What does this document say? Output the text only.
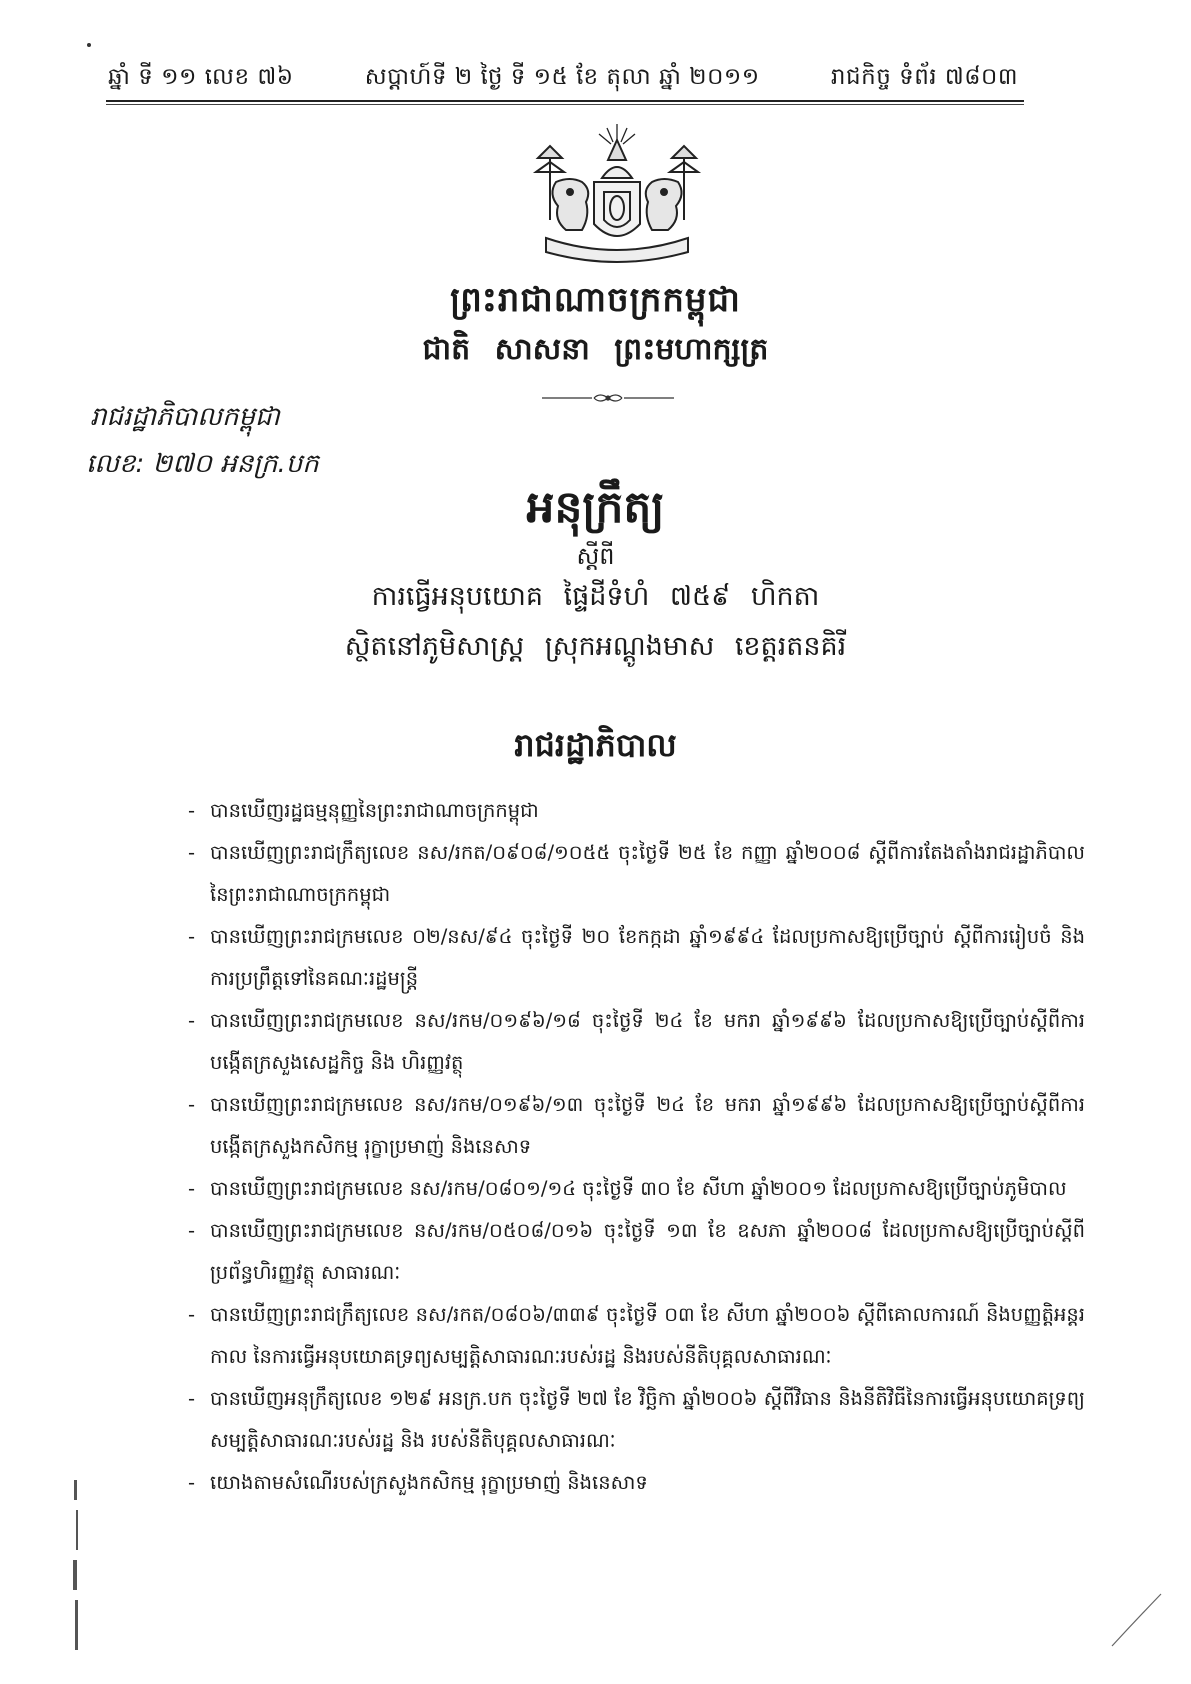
ឆ្នាំ ទី ១១ លេខ ៧៦	សប្តាហ៍ទី ២ ថ្ងៃ ទី ១៥ ខែ តុលា ឆ្នាំ ២០១១	រាជកិច្ច ទំព័រ ៧៨០៣
ព្រះរាជាណាចក្រកម្ពុជា
ជាតិ សាសនា ព្រះមហាក្សត្រ
រាជរដ្ឋាភិបាលកម្ពុជា
លេខ: ២៧០ អនក្រ.បក
អនុក្រឹត្យ
ស្តីពី
ការធ្វើអនុបយោគ ផ្ទៃដីទំហំ ៧៥៩ ហិកតា
ស្ថិតនៅភូមិសាស្ត្រ ស្រុកអណ្តូងមាស ខេត្តរតនគិរី
រាជរដ្ឋាភិបាល
- បានឃើញរដ្ឋធម្មនុញ្ញនៃព្រះរាជាណាចក្រកម្ពុជា
- បានឃើញព្រះរាជក្រឹត្យលេខ នស/រកត/០៩០៨/១០៥៥ ចុះថ្ងៃទី ២៥ ខែ កញ្ញា ឆ្នាំ២០០៨ ស្តីពីការតែងតាំងរាជរដ្ឋាភិបាល នៃព្រះរាជាណាចក្រកម្ពុជា
- បានឃើញព្រះរាជក្រមលេខ ០២/នស/៩៤ ចុះថ្ងៃទី ២០ ខែកក្កដា ឆ្នាំ១៩៩៤ ដែលប្រកាសឱ្យប្រើច្បាប់ ស្តីពីការរៀបចំ និង ការប្រព្រឹត្តទៅនៃគណៈរដ្ឋមន្ត្រី
- បានឃើញព្រះរាជក្រមលេខ នស/រកម/០១៩៦/១៨ ចុះថ្ងៃទី ២៤ ខែ មករា ឆ្នាំ១៩៩៦ ដែលប្រកាសឱ្យប្រើច្បាប់ស្តីពីការបង្កើតក្រសួងសេដ្ឋកិច្ច និង ហិរញ្ញវត្ថុ
- បានឃើញព្រះរាជក្រមលេខ នស/រកម/០១៩៦/១៣ ចុះថ្ងៃទី ២៤ ខែ មករា ឆ្នាំ១៩៩៦ ដែលប្រកាសឱ្យប្រើច្បាប់ស្តីពីការបង្កើតក្រសួងកសិកម្ម រុក្ខាប្រមាញ់ និងនេសាទ
- បានឃើញព្រះរាជក្រមលេខ នស/រកម/០៨០១/១៤ ចុះថ្ងៃទី ៣០ ខែ សីហា ឆ្នាំ២០០១ ដែលប្រកាសឱ្យប្រើច្បាប់ភូមិបាល
- បានឃើញព្រះរាជក្រមលេខ នស/រកម/០៥០៨/០១៦ ចុះថ្ងៃទី ១៣ ខែ ឧសភា ឆ្នាំ២០០៨ ដែលប្រកាសឱ្យប្រើច្បាប់ស្តីពីប្រព័ន្ធហិរញ្ញវត្ថុ សាធារណៈ
- បានឃើញព្រះរាជក្រឹត្យលេខ នស/រកត/០៨០៦/៣៣៩ ចុះថ្ងៃទី ០៣ ខែ សីហា ឆ្នាំ២០០៦ ស្តីពីគោលការណ៍ និងបញ្ញត្តិអន្តរកាល នៃការធ្វើអនុបយោគទ្រព្យសម្បត្តិសាធារណៈរបស់រដ្ឋ និងរបស់នីតិបុគ្គលសាធារណៈ
- បានឃើញអនុក្រឹត្យលេខ ១២៩ អនក្រ.បក ចុះថ្ងៃទី ២៧ ខែ វិច្ឆិកា ឆ្នាំ២០០៦ ស្តីពីវិធាន និងនីតិវិធីនៃការធ្វើអនុបយោគទ្រព្យសម្បត្តិសាធារណៈរបស់រដ្ឋ និង របស់នីតិបុគ្គលសាធារណៈ
- យោងតាមសំណើរបស់ក្រសួងកសិកម្ម រុក្ខាប្រមាញ់ និងនេសាទ
